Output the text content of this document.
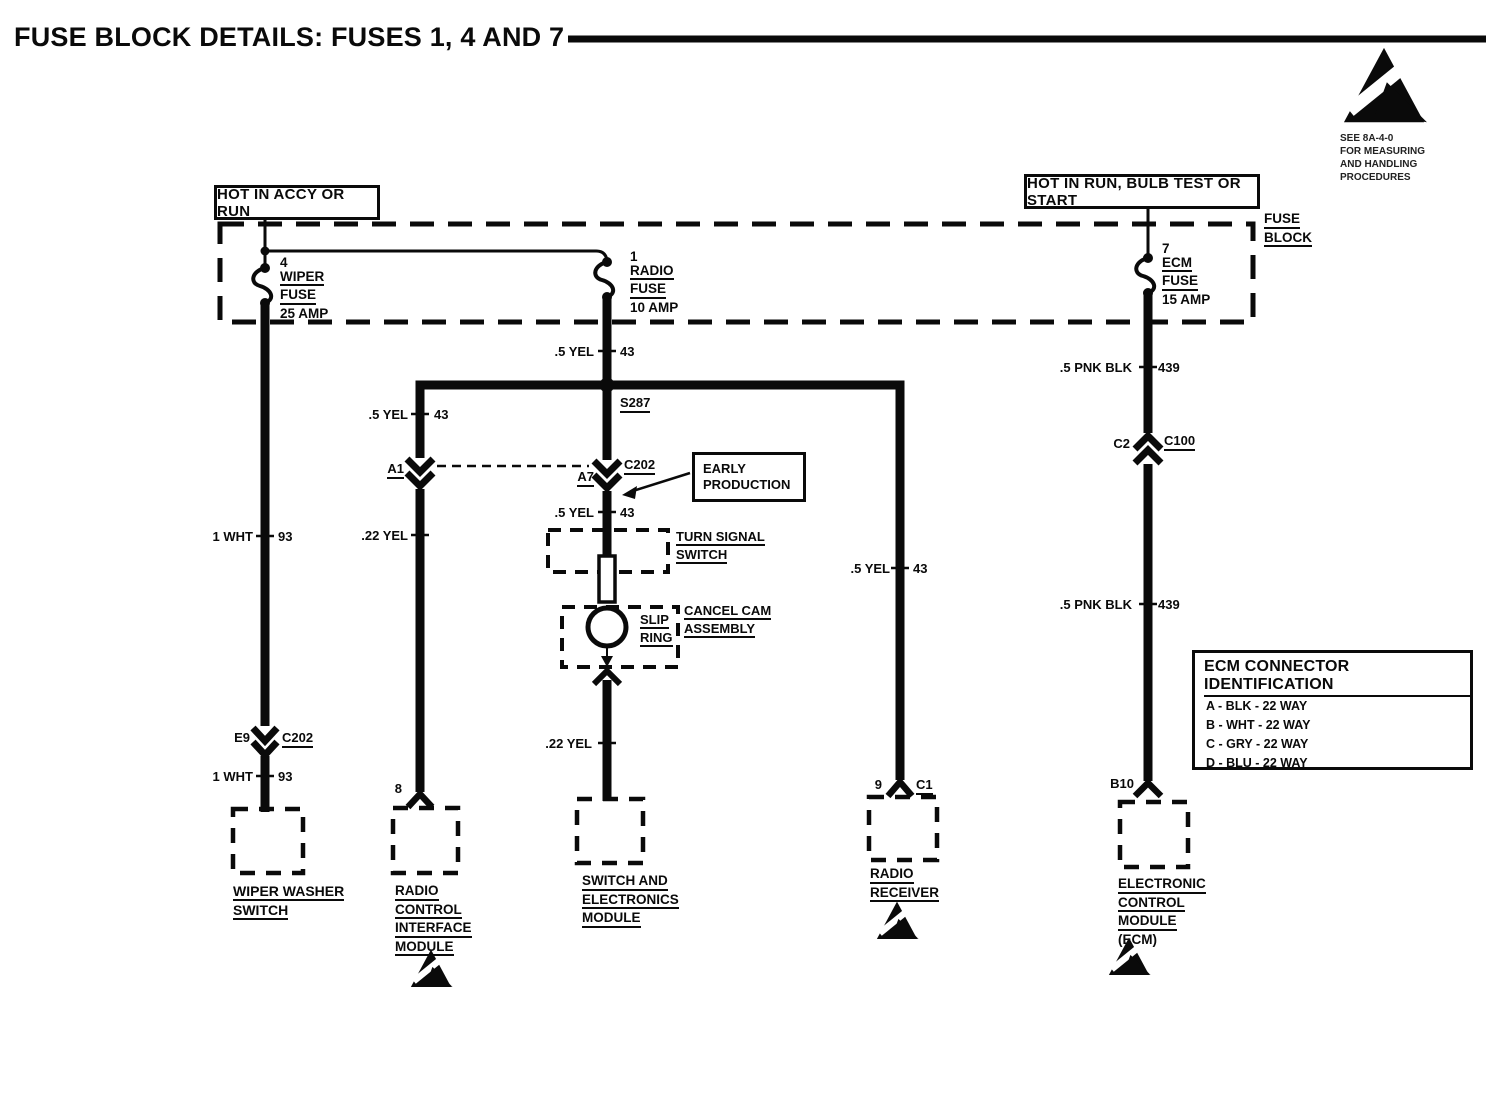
FUSE BLOCK DETAILS: FUSES 1, 4 AND 7
SEE 8A-4-0
FOR MEASURING
AND HANDLING
PROCEDURES
HOT IN ACCY OR RUN
HOT IN RUN, BULB TEST OR START
FUSE
BLOCK
4
WIPER
FUSE
25 AMP
1
RADIO
FUSE
10 AMP
7
ECM
FUSE
15 AMP
.5 YEL 43
S287
.5 YEL 43
.5 YEL 43
.5 YEL 43
.22 YEL
.22 YEL
1 WHT 93
1 WHT 93
.5 PNK BLK 439
.5 PNK BLK 439
A1
A7
C202
E9 C202
8	9	C1
C2	C100
B10
EARLY
PRODUCTION
TURN SIGNAL
SWITCH
CANCEL CAM
ASSEMBLY
SLIP
RING
WIPER WASHER
SWITCH
RADIO
CONTROL
INTERFACE
MODULE
SWITCH AND
ELECTRONICS
MODULE
RADIO
RECEIVER
ELECTRONIC
CONTROL
MODULE
(ECM)
ECM CONNECTOR IDENTIFICATION
A - BLK - 22 WAY
B - WHT - 22 WAY
C - GRY - 22 WAY
D - BLU - 22 WAY
